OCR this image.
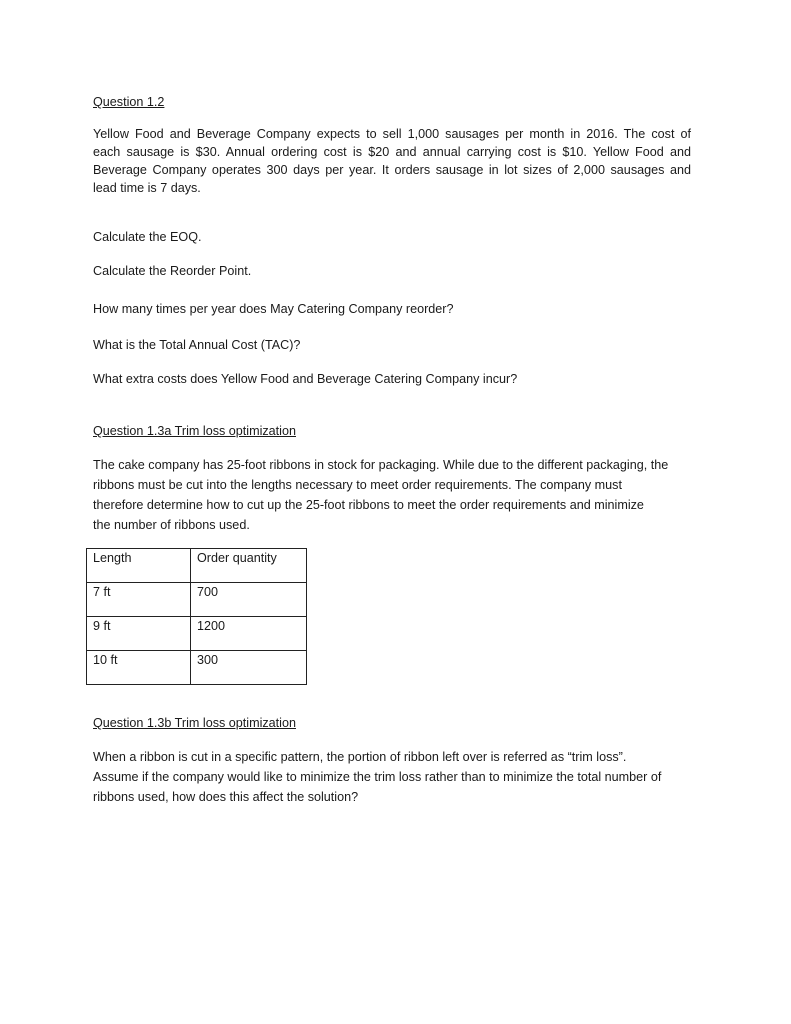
Question 1.2
Yellow Food and Beverage Company expects to sell 1,000 sausages per month in 2016. The cost of
each sausage is $30. Annual ordering cost is $20 and annual carrying cost is $10. Yellow Food and
Beverage Company operates 300 days per year. It orders sausage in lot sizes of 2,000 sausages and
lead time is 7 days.
Calculate the EOQ.
Calculate the Reorder Point.
How many times per year does May Catering Company reorder?
What is the Total Annual Cost (TAC)?
What extra costs does Yellow Food and Beverage Catering Company incur?
Question 1.3a Trim loss optimization
The cake company has 25-foot ribbons in stock for packaging. While due to the different packaging, the
ribbons must be cut into the lengths necessary to meet order requirements. The company must
therefore determine how to cut up the 25-foot ribbons to meet the order requirements and minimize
the number of ribbons used.
Length	Order quantity
7 ft	700
9 ft	1200
10 ft	300
Question 1.3b Trim loss optimization
When a ribbon is cut in a specific pattern, the portion of ribbon left over is referred as “trim loss”.
Assume if the company would like to minimize the trim loss rather than to minimize the total number of
ribbons used, how does this affect the solution?
